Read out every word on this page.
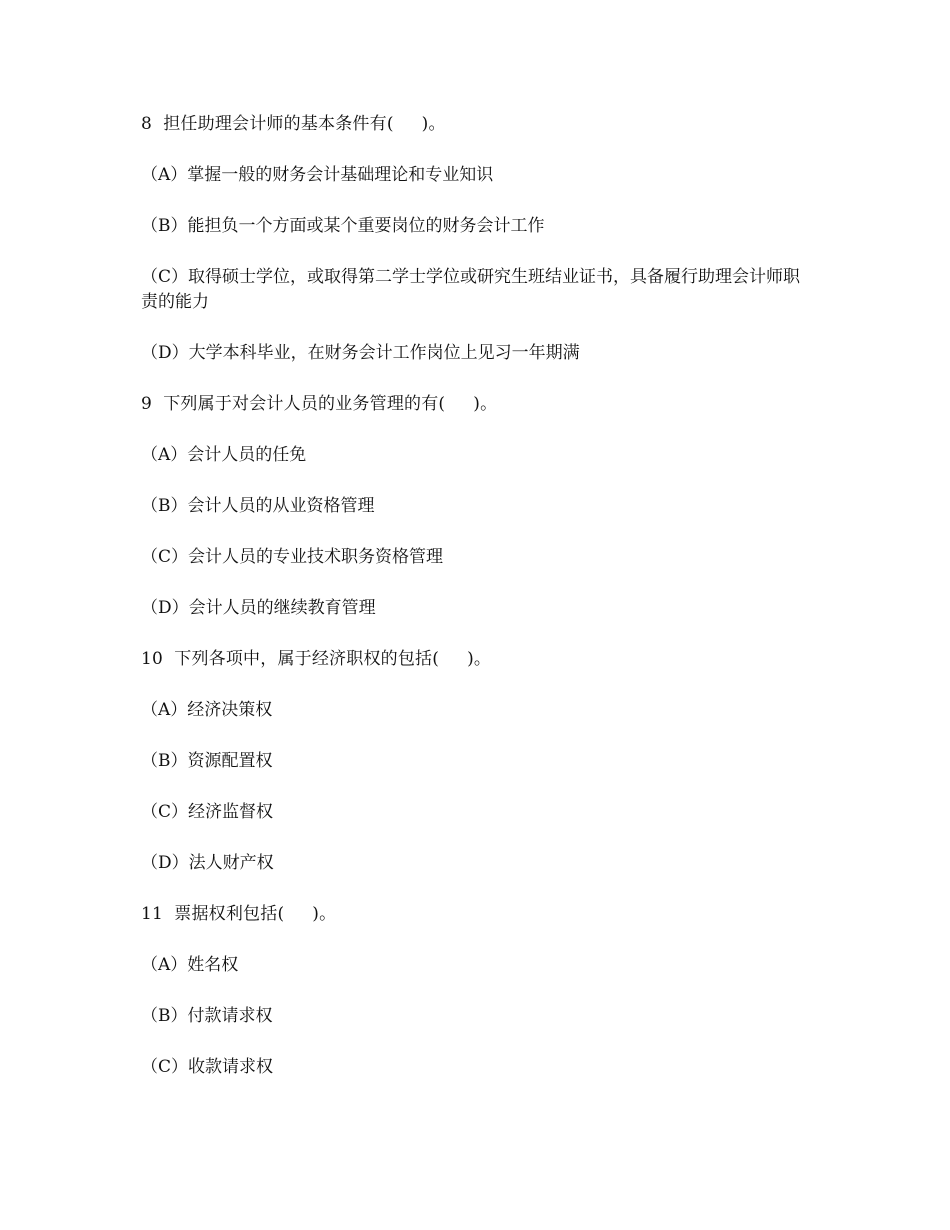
8  担任助理会计师的基本条件有(     )。

（A）掌握一般的财务会计基础理论和专业知识

（B）能担负一个方面或某个重要岗位的财务会计工作

（C）取得硕士学位，或取得第二学士学位或研究生班结业证书，具备履行助理会计师职责的能力

（D）大学本科毕业，在财务会计工作岗位上见习一年期满

9  下列属于对会计人员的业务管理的有(     )。

（A）会计人员的任免

（B）会计人员的从业资格管理

（C）会计人员的专业技术职务资格管理

（D）会计人员的继续教育管理

10  下列各项中，属于经济职权的包括(     )。

（A）经济决策权

（B）资源配置权

（C）经济监督权

（D）法人财产权

11  票据权利包括(     )。

（A）姓名权

（B）付款请求权

（C）收款请求权
